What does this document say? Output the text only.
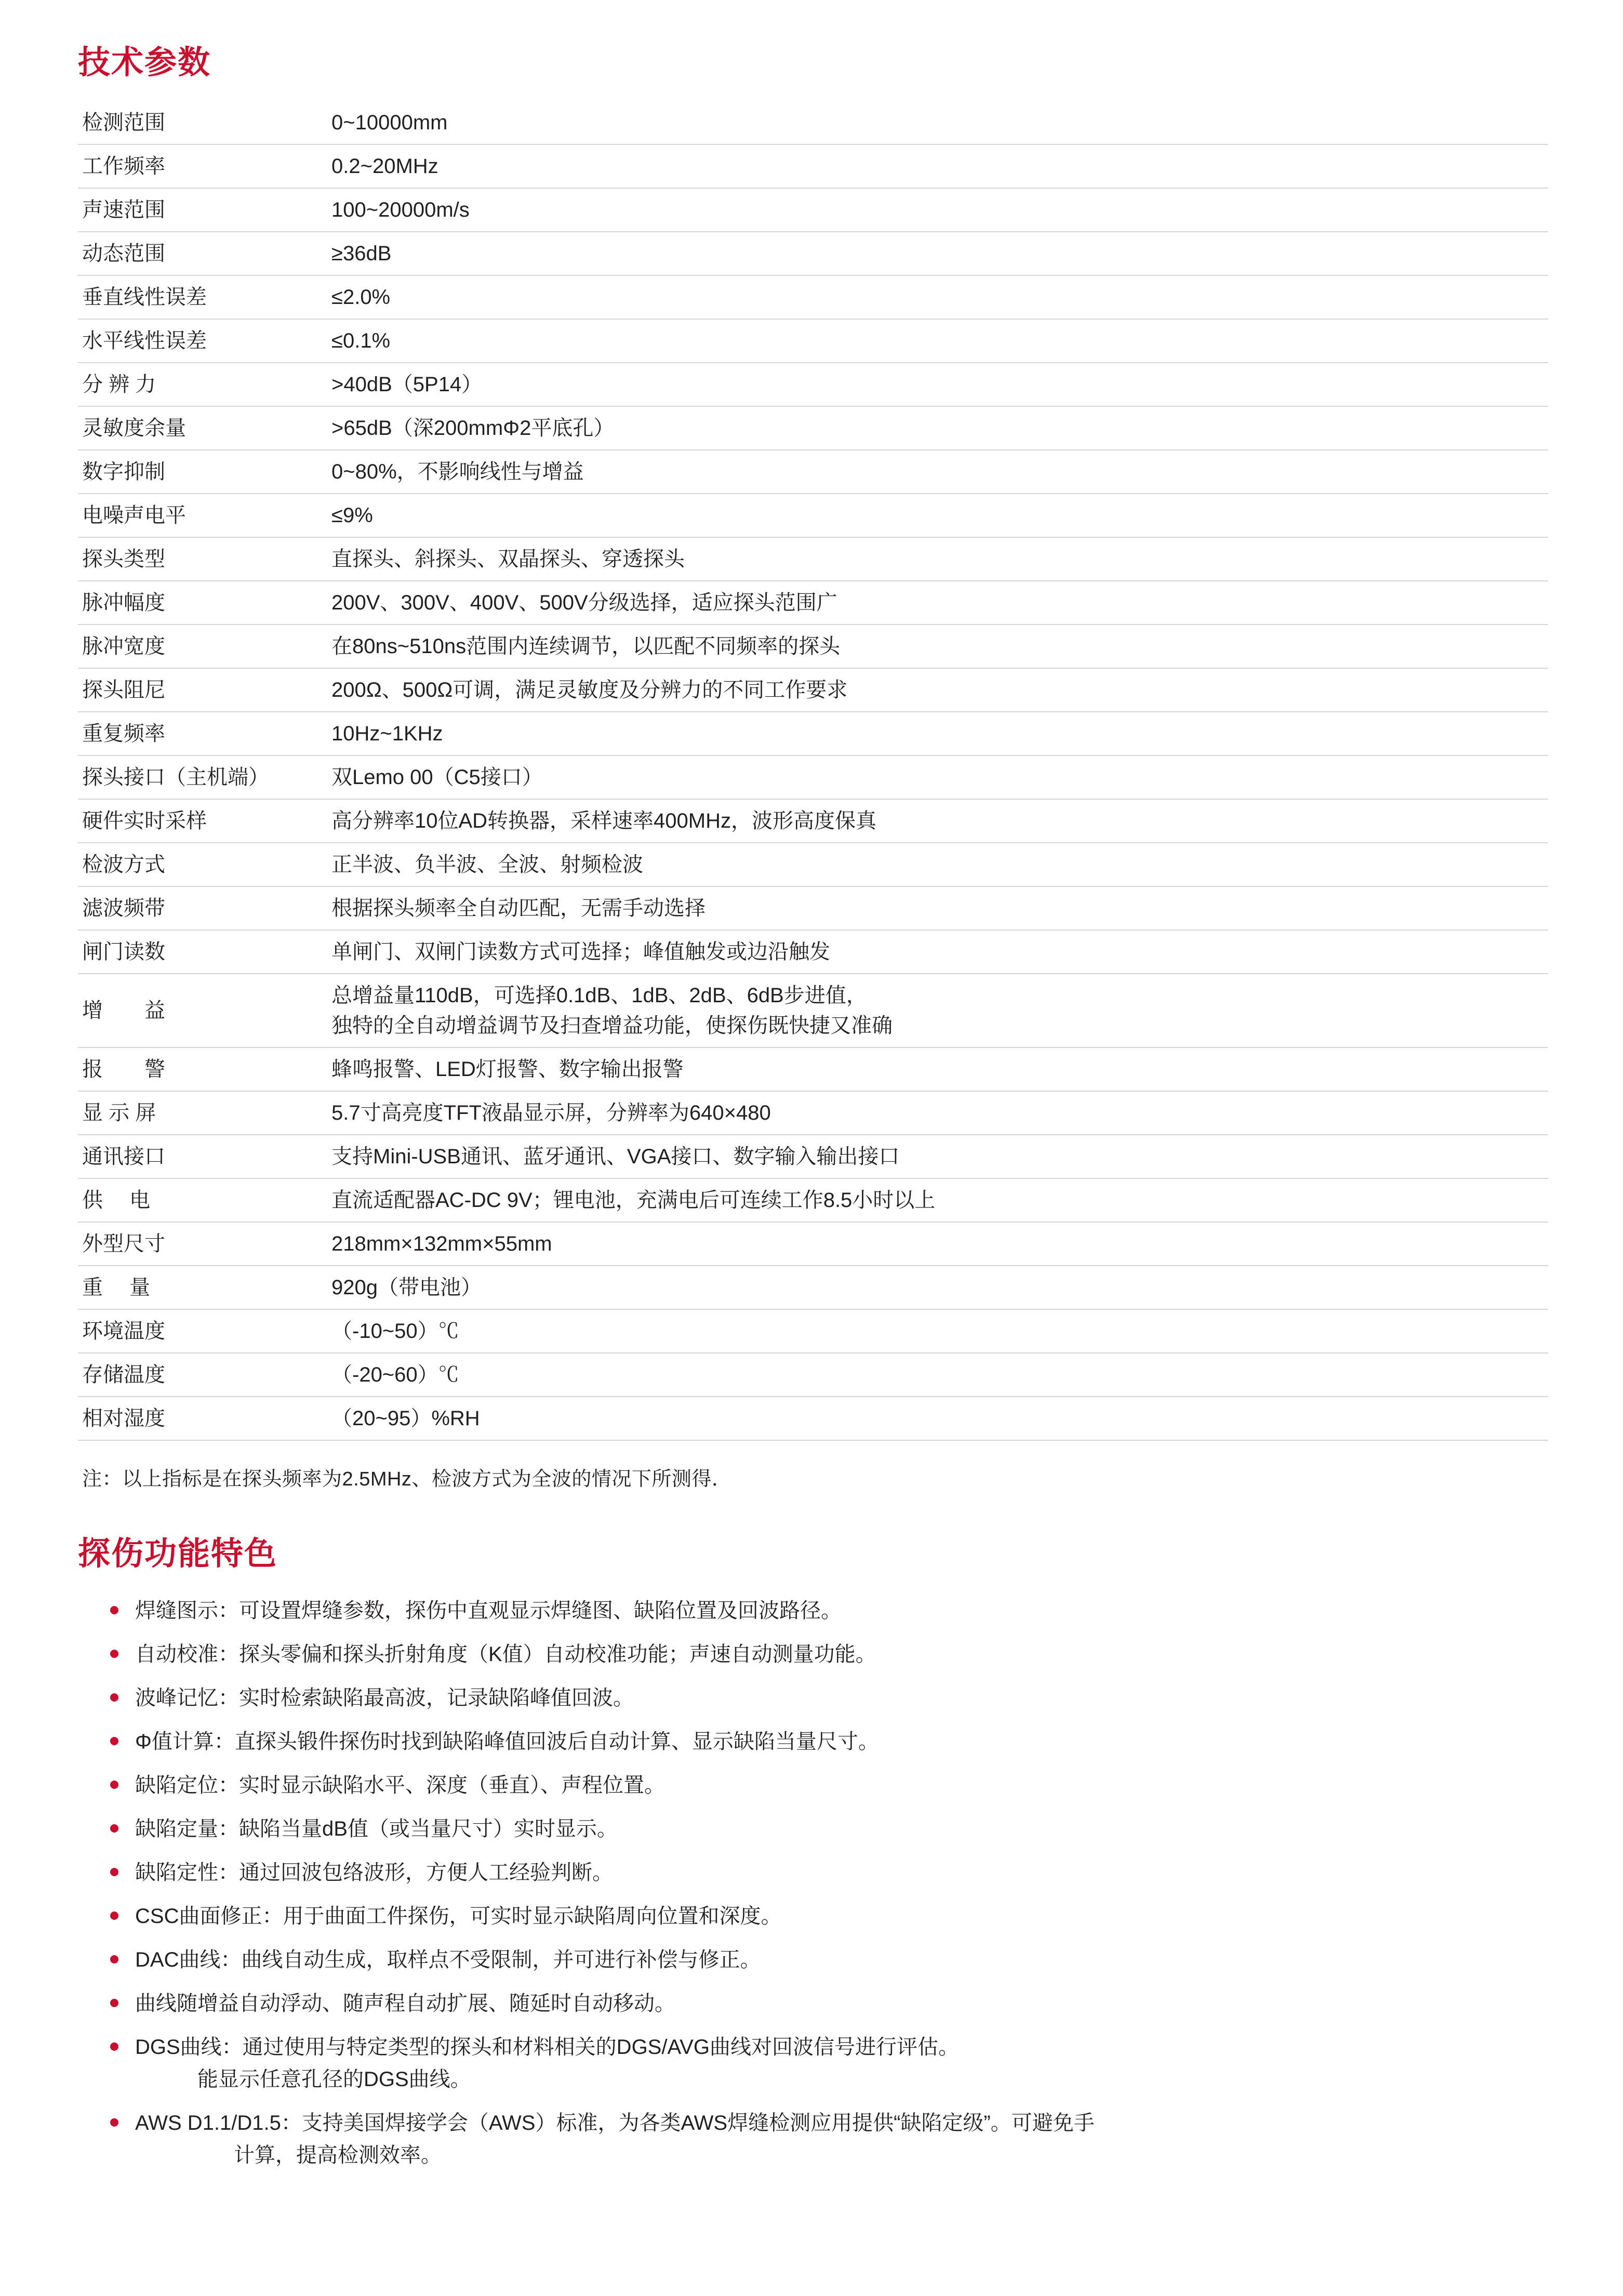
技术参数
检测范围	0~10000mm
工作频率	0.2~20MHz
声速范围	100~20000m/s
动态范围	≥36dB
垂直线性误差	≤2.0%
水平线性误差	≤0.1%
分 辨 力	>40dB（5P14）
灵敏度余量	>65dB（深200mmΦ2平底孔）
数字抑制	0~80%，不影响线性与增益
电噪声电平	≤9%
探头类型	直探头、斜探头、双晶探头、穿透探头
脉冲幅度	200V、300V、400V、500V分级选择，适应探头范围广
脉冲宽度	在80ns~510ns范围内连续调节，以匹配不同频率的探头
探头阻尼	200Ω、500Ω可调，满足灵敏度及分辨力的不同工作要求
重复频率	10Hz~1KHz
探头接口（主机端）	双Lemo 00（C5接口）
硬件实时采样	高分辨率10位AD转换器，采样速率400MHz，波形高度保真
检波方式	正半波、负半波、全波、射频检波
滤波频带	根据探头频率全自动匹配，无需手动选择
闸门读数	单闸门、双闸门读数方式可选择；峰值触发或边沿触发
增　　益	总增益量110dB，可选择0.1dB、1dB、2dB、6dB步进值，
独特的全自动增益调节及扫查增益功能，使探伤既快捷又准确

报　　警	蜂鸣报警、LED灯报警、数字输出报警
显 示 屏	5.7寸高亮度TFT液晶显示屏，分辨率为640×480
通讯接口	支持Mini-USB通讯、蓝牙通讯、VGA接口、数字输入输出接口
供　 电	直流适配器AC-DC 9V；锂电池，充满电后可连续工作8.5小时以上
外型尺寸	218mm×132mm×55mm
重　 量	920g（带电池）
环境温度	（-10~50）℃
存储温度	（-20~60）℃
相对湿度	（20~95）%RH
注：以上指标是在探头频率为2.5MHz、检波方式为全波的情况下所测得．
探伤功能特色
焊缝图示：可设置焊缝参数，探伤中直观显示焊缝图、缺陷位置及回波路径。
自动校准：探头零偏和探头折射角度（K值）自动校准功能；声速自动测量功能。
波峰记忆：实时检索缺陷最高波，记录缺陷峰值回波。
Φ值计算：直探头锻件探伤时找到缺陷峰值回波后自动计算、显示缺陷当量尺寸。
缺陷定位：实时显示缺陷水平、深度（垂直）、声程位置。
缺陷定量：缺陷当量dB值（或当量尺寸）实时显示。
缺陷定性：通过回波包络波形，方便人工经验判断。
CSC曲面修正：用于曲面工件探伤，可实时显示缺陷周向位置和深度。
DAC曲线：曲线自动生成，取样点不受限制，并可进行补偿与修正。
曲线随增益自动浮动、随声程自动扩展、随延时自动移动。
DGS曲线：通过使用与特定类型的探头和材料相关的DGS/AVG曲线对回波信号进行评估。
能显示任意孔径的DGS曲线。
AWS D1.1/D1.5：支持美国焊接学会（AWS）标准，为各类AWS焊缝检测应用提供“缺陷定级”。可避免手
计算，提高检测效率。
